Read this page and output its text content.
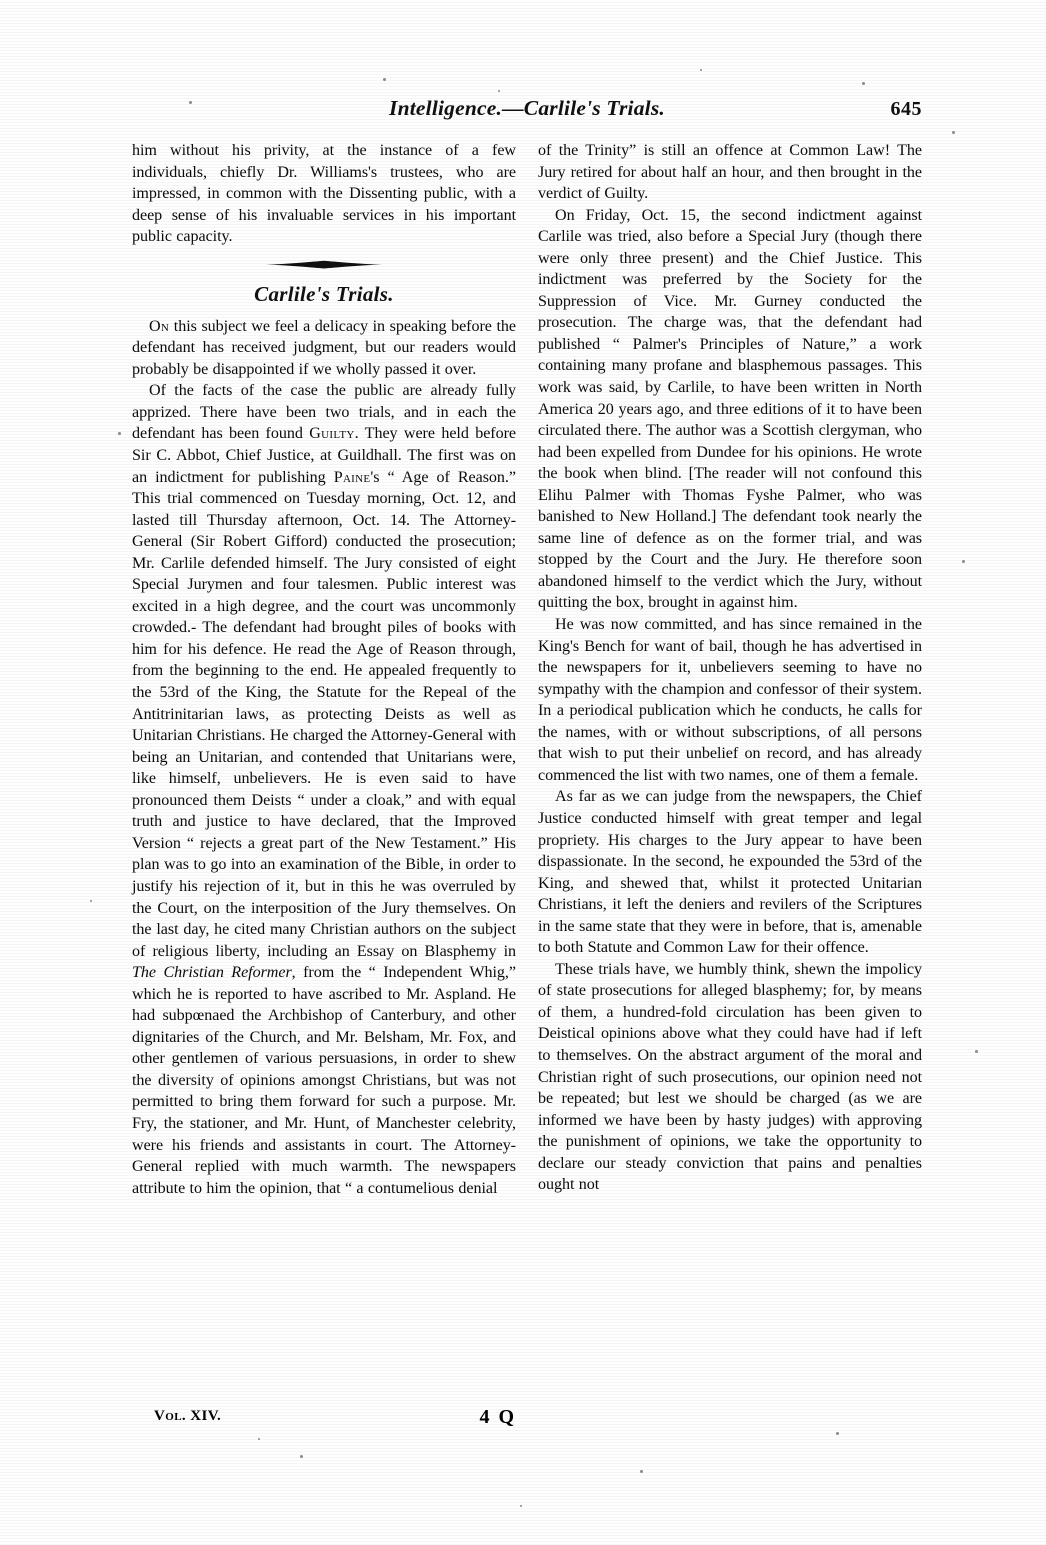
Intelligence.—Carlile's Trials.	645

him without his privity, at the instance of a few individuals, chiefly Dr. Williams's trustees, who are impressed, in common with the Dissenting public, with a deep sense of his invaluable services in his important public capacity.

Carlile's Trials.

On this subject we feel a delicacy in speaking before the defendant has received judgment, but our readers would probably be disappointed if we wholly passed it over.

Of the facts of the case the public are already fully apprized. There have been two trials, and in each the defendant has been found Guilty. They were held before Sir C. Abbot, Chief Justice, at Guildhall. The first was on an indictment for publishing Paine's “ Age of Reason.” This trial commenced on Tuesday morning, Oct. 12, and lasted till Thursday afternoon, Oct. 14. The Attorney-General (Sir Robert Gifford) conducted the prosecution; Mr. Carlile defended himself. The Jury consisted of eight Special Jurymen and four talesmen. Public interest was excited in a high degree, and the court was uncommonly crowded.- The defendant had brought piles of books with him for his defence. He read the Age of Reason through, from the beginning to the end. He appealed frequently to the 53rd of the King, the Statute for the Repeal of the Antitrinitarian laws, as protecting Deists as well as Unitarian Christians. He charged the Attorney-General with being an Unitarian, and contended that Unitarians were, like himself, unbelievers. He is even said to have pronounced them Deists “ under a cloak,” and with equal truth and justice to have declared, that the Improved Version “ rejects a great part of the New Testament.” His plan was to go into an examination of the Bible, in order to justify his rejection of it, but in this he was overruled by the Court, on the interposition of the Jury themselves. On the last day, he cited many Christian authors on the subject of religious liberty, including an Essay on Blasphemy in The Christian Reformer, from the “ Independent Whig,” which he is reported to have ascribed to Mr. Aspland. He had subpœnaed the Archbishop of Canterbury, and other dignitaries of the Church, and Mr. Belsham, Mr. Fox, and other gentlemen of various persuasions, in order to shew the diversity of opinions amongst Christians, but was not permitted to bring them forward for such a purpose. Mr. Fry, the stationer, and Mr. Hunt, of Manchester celebrity, were his friends and assistants in court. The Attorney-General replied with much warmth. The newspapers attribute to him the opinion, that “ a contumelious denial

of the Trinity” is still an offence at Common Law! The Jury retired for about half an hour, and then brought in the verdict of Guilty.

On Friday, Oct. 15, the second indictment against Carlile was tried, also before a Special Jury (though there were only three present) and the Chief Justice. This indictment was preferred by the Society for the Suppression of Vice. Mr. Gurney conducted the prosecution. The charge was, that the defendant had published “ Palmer's Principles of Nature,” a work containing many profane and blasphemous passages. This work was said, by Carlile, to have been written in North America 20 years ago, and three editions of it to have been circulated there. The author was a Scottish clergyman, who had been expelled from Dundee for his opinions. He wrote the book when blind. [The reader will not confound this Elihu Palmer with Thomas Fyshe Palmer, who was banished to New Holland.] The defendant took nearly the same line of defence as on the former trial, and was stopped by the Court and the Jury. He therefore soon abandoned himself to the verdict which the Jury, without quitting the box, brought in against him.

He was now committed, and has since remained in the King's Bench for want of bail, though he has advertised in the newspapers for it, unbelievers seeming to have no sympathy with the champion and confessor of their system. In a periodical publication which he conducts, he calls for the names, with or without subscriptions, of all persons that wish to put their unbelief on record, and has already commenced the list with two names, one of them a female.

As far as we can judge from the newspapers, the Chief Justice conducted himself with great temper and legal propriety. His charges to the Jury appear to have been dispassionate. In the second, he expounded the 53rd of the King, and shewed that, whilst it protected Unitarian Christians, it left the deniers and revilers of the Scriptures in the same state that they were in before, that is, amenable to both Statute and Common Law for their offence.

These trials have, we humbly think, shewn the impolicy of state prosecutions for alleged blasphemy; for, by means of them, a hundred-fold circulation has been given to Deistical opinions above what they could have had if left to themselves. On the abstract argument of the moral and Christian right of such prosecutions, our opinion need not be repeated; but lest we should be charged (as we are informed we have been by hasty judges) with approving the punishment of opinions, we take the opportunity to declare our steady conviction that pains and penalties ought not

Vol. XIV.	4 Q
